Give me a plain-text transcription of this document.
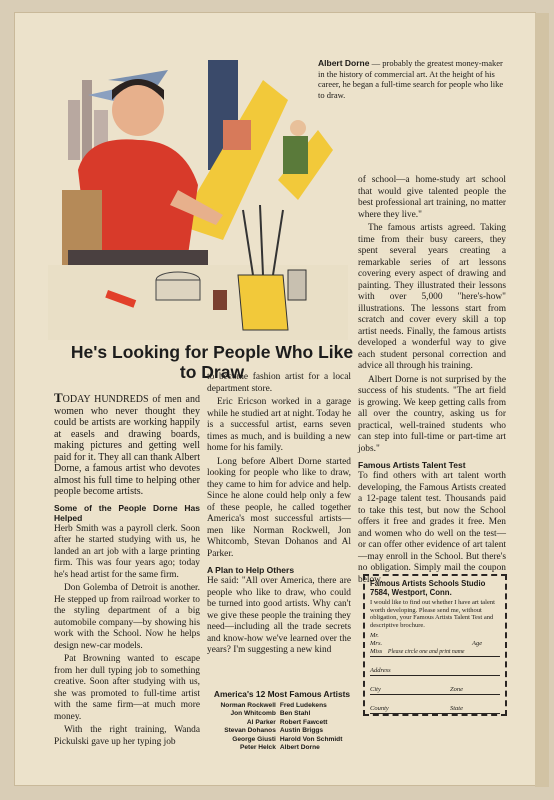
Albert Dorne — probably the greatest money-maker in the history of commercial art. At the height of his career, he began a full-time search for people who like to draw.
He's Looking for People Who Like to Draw

TODAY HUNDREDS of men and women who never thought they could be artists are working happily at easels and drawing boards, making pictures and getting well paid for it. They all can thank Albert Dorne, a famous artist who devotes almost his full time to helping other people become artists.

Some of the People Dorne Has Helped

Herb Smith was a payroll clerk. Soon after he started studying with us, he landed an art job with a large printing firm. This was four years ago; today he's head artist for the same firm.

Don Golemba of Detroit is another. He stepped up from railroad worker to the styling department of a big automobile company—by showing his work with the School. Now he helps design new-car models.

Pat Browning wanted to escape from her dull typing job to something creative. Soon after studying with us, she was promoted to full-time artist with the same firm—at much more money.

With the right training, Wanda Pickulski gave up her typing job

to become fashion artist for a local department store.

Eric Ericson worked in a garage while he studied art at night. Today he is a successful artist, earns seven times as much, and is building a new home for his family.

Long before Albert Dorne started looking for people who like to draw, they came to him for advice and help. Since he alone could help only a few of these people, he called together America's most successful artists—men like Norman Rockwell, Jon Whitcomb, Stevan Dohanos and Al Parker.

A Plan to Help Others

He said: "All over America, there are people who like to draw, who could be turned into good artists. Why can't we give these people the training they need—including all the trade secrets and know-how we've learned over the years? I'm suggesting a new kind

America's 12 Most Famous Artists
Norman Rockwell	Fred Ludekens
Jon Whitcomb	Ben Stahl
Al Parker	Robert Fawcett
Stevan Dohanos	Austin Briggs
George Giusti	Harold Von Schmidt
Peter Helck	Albert Dorne

of school—a home-study art school that would give talented people the best professional art training, no matter where they live."

The famous artists agreed. Taking time from their busy careers, they spent several years creating a remarkable series of art lessons covering every aspect of drawing and painting. They illustrated their lessons with over 5,000 "here's-how" illustrations. The lessons start from scratch and cover every skill a top artist needs. Finally, the famous artists developed a wonderful way to give each student personal correction and advice all through his training.

Albert Dorne is not surprised by the success of his students. "The art field is growing. We keep getting calls from all over the country, asking us for practical, well-trained students who can step into full-time or part-time art jobs."

Famous Artists Talent Test

To find others with art talent worth developing, the Famous Artists created a 12-page talent test. Thousands paid to take this test, but now the School offers it free and grades it free. Men and women who do well on the test—or can offer other evidence of art talent—may enroll in the School. But there's no obligation. Simply mail the coupon below.

Famous Artists Schools Studio 7584, Westport, Conn.
I would like to find out whether I have art talent worth developing. Please send me, without obligation, your Famous Artists Talent Test and descriptive brochure.
Mr.
Mrs.	Age
Miss Please circle one and print name
Address
City	Zone
County	State
